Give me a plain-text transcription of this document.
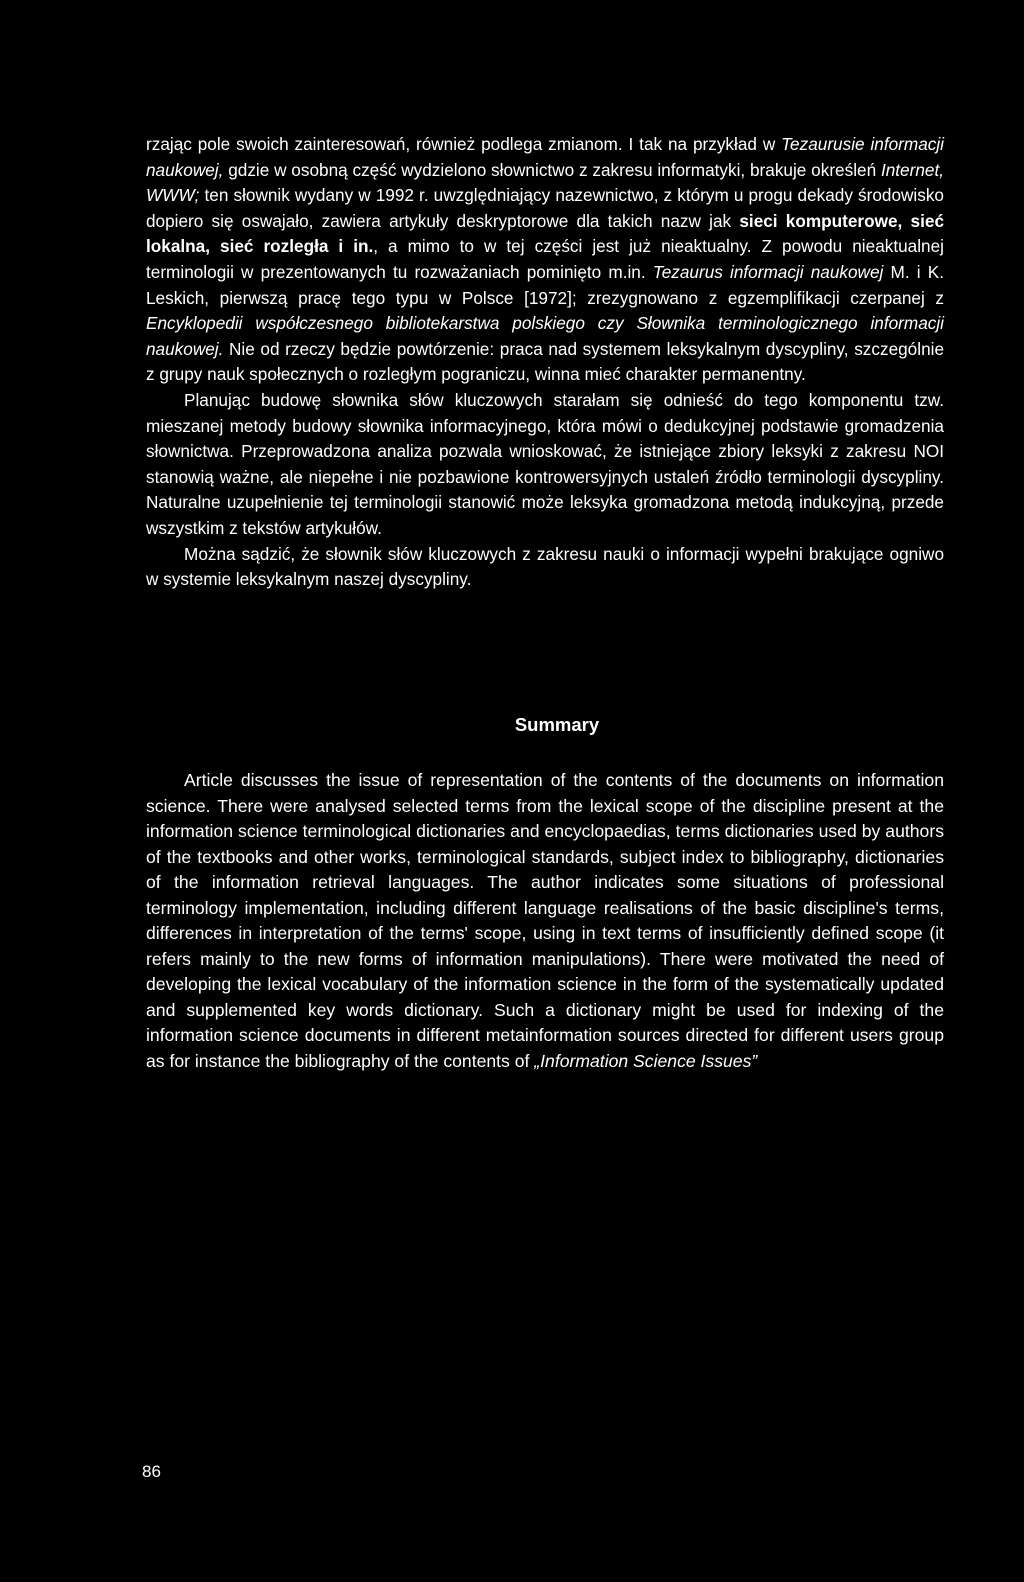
rzając pole swoich zainteresowań, również podlega zmianom. I tak na przykład w Tezaurusie informacji naukowej, gdzie w osobną część wydzielono słownictwo z zakresu informatyki, brakuje określeń Internet, WWW; ten słownik wydany w 1992 r. uwzględniający nazewnictwo, z którym u progu dekady środowisko dopiero się oswajało, zawiera artykuły deskryptorowe dla takich nazw jak sieci komputerowe, sieć lokalna, sieć rozległa i in., a mimo to w tej części jest już nieaktualny. Z powodu nieaktualnej terminologii w prezentowanych tu rozważaniach pominięto m.in. Tezaurus informacji naukowej M. i K. Leskich, pierwszą pracę tego typu w Polsce [1972]; zrezygnowano z egzemplifikacji czerpanej z Encyklopedii współczesnego bibliotekarstwa polskiego czy Słownika terminologicznego informacji naukowej. Nie od rzeczy będzie powtórzenie: praca nad systemem leksykalnym dyscypliny, szczególnie z grupy nauk społecznych o rozległym pograniczu, winna mieć charakter permanentny.

Planując budowę słownika słów kluczowych starałam się odnieść do tego komponentu tzw. mieszanej metody budowy słownika informacyjnego, która mówi o dedukcyjnej podstawie gromadzenia słownictwa. Przeprowadzona analiza pozwala wnioskować, że istniejące zbiory leksyki z zakresu NOI stanowią ważne, ale niepełne i nie pozbawione kontrowersyjnych ustaleń źródło terminologii dyscypliny. Naturalne uzupełnienie tej terminologii stanowić może leksyka gromadzona metodą indukcyjną, przede wszystkim z tekstów artykułów.

Można sądzić, że słownik słów kluczowych z zakresu nauki o informacji wypełni brakujące ogniwo w systemie leksykalnym naszej dyscypliny.

Summary

Article discusses the issue of representation of the contents of the documents on information science. There were analysed selected terms from the lexical scope of the discipline present at the information science terminological dictionaries and encyclopaedias, terms dictionaries used by authors of the textbooks and other works, terminological standards, subject index to bibliography, dictionaries of the information retrieval languages. The author indicates some situations of professional terminology implementation, including different language realisations of the basic discipline's terms, differences in interpretation of the terms' scope, using in text terms of insufficiently defined scope (it refers mainly to the new forms of information manipulations). There were motivated the need of developing the lexical vocabulary of the information science in the form of the systematically updated and supplemented key words dictionary. Such a dictionary might be used for indexing of the information science documents in different metainformation sources directed for different users group as for instance the bibliography of the contents of „Information Science Issues”

86
